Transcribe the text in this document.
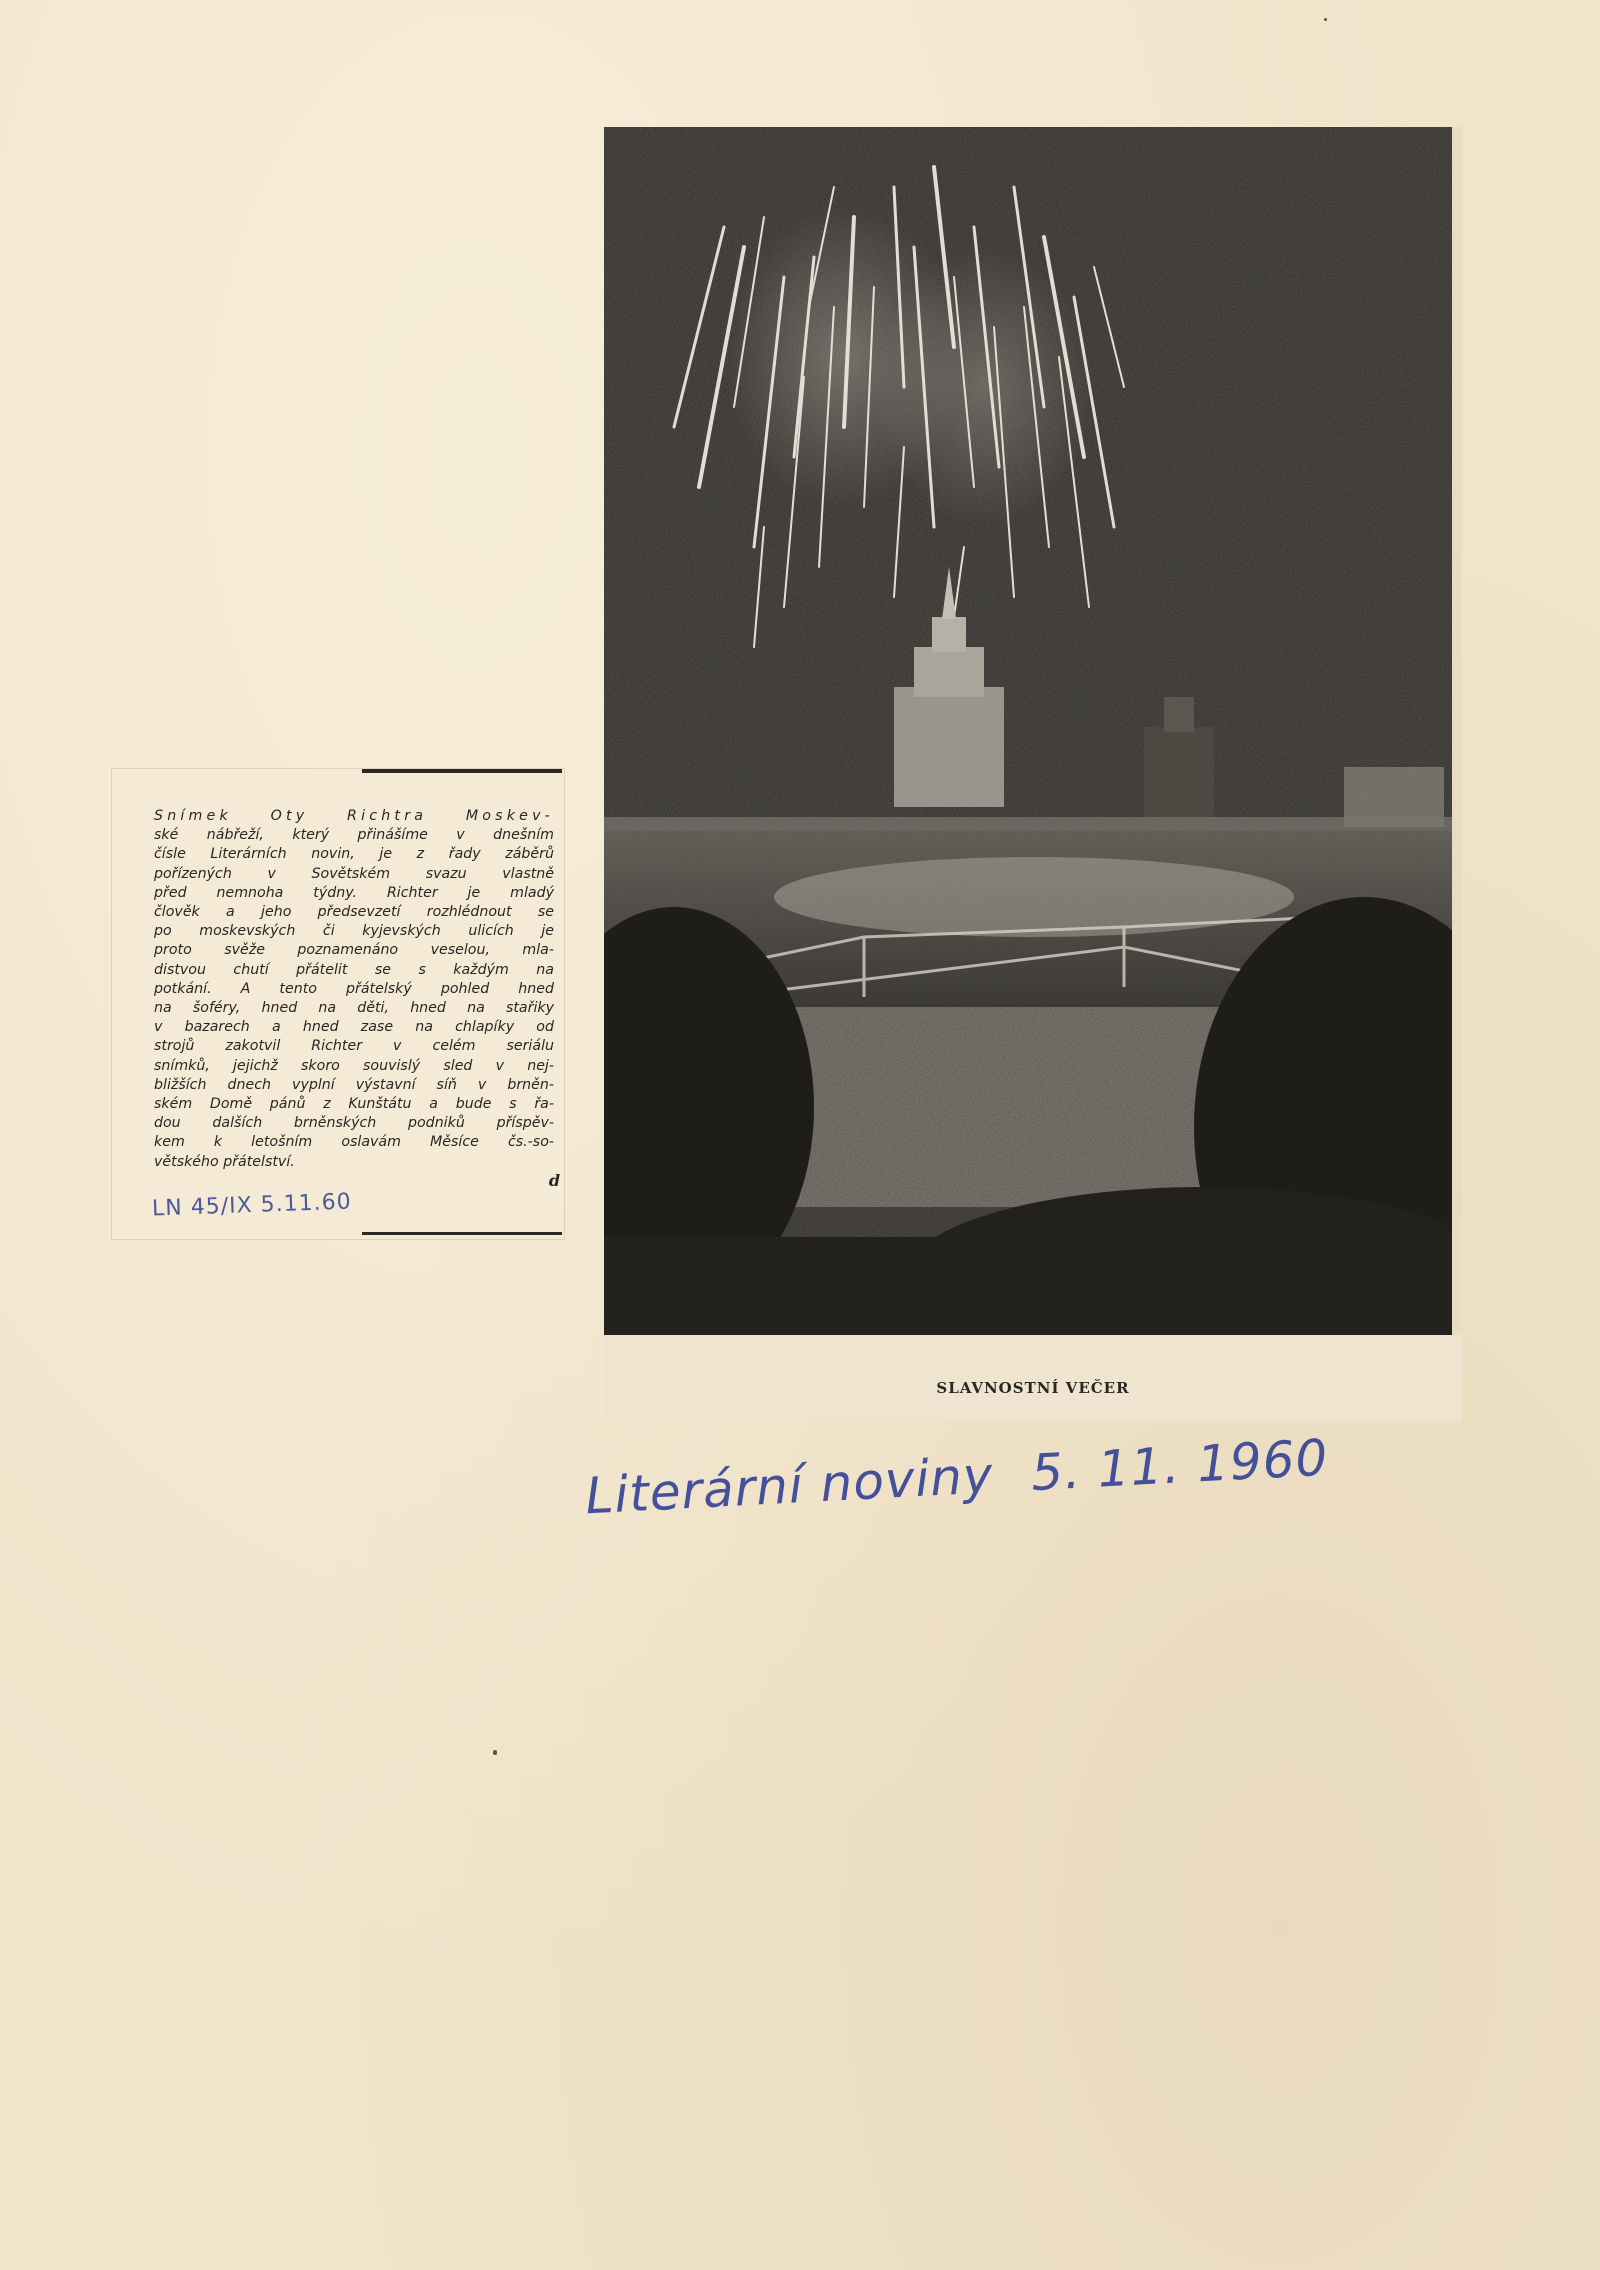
Snímek Oty Richtra Moskev-
ské nábřeží, který přinášíme v dnešním
čísle Literárních novin, je z řady záběrů
pořízených v Sovětském svazu vlastně
před nemnoha týdny. Richter je mladý
člověk a jeho předsevzetí rozhlédnout se
po moskevských či kyjevských ulicích je
proto svěže poznamenáno veselou, mla-
distvou chutí přátelit se s každým na
potkání. A tento přátelský pohled hned
na šoféry, hned na děti, hned na stařiky
v bazarech a hned zase na chlapíky od
strojů zakotvil Richter v celém seriálu
snímků, jejichž skoro souvislý sled v nej-
bližších dnech vyplní výstavní síň v brněn-
ském Domě pánů z Kunštátu a bude s řa-
dou dalších brněnských podniků příspěv-
kem k letošním oslavám Měsíce čs.-so-
větského přátelství.
d
LN 45/IX 5.11.60
SLAVNOSTNÍ VEČER
Literární noviny 5. 11. 1960
